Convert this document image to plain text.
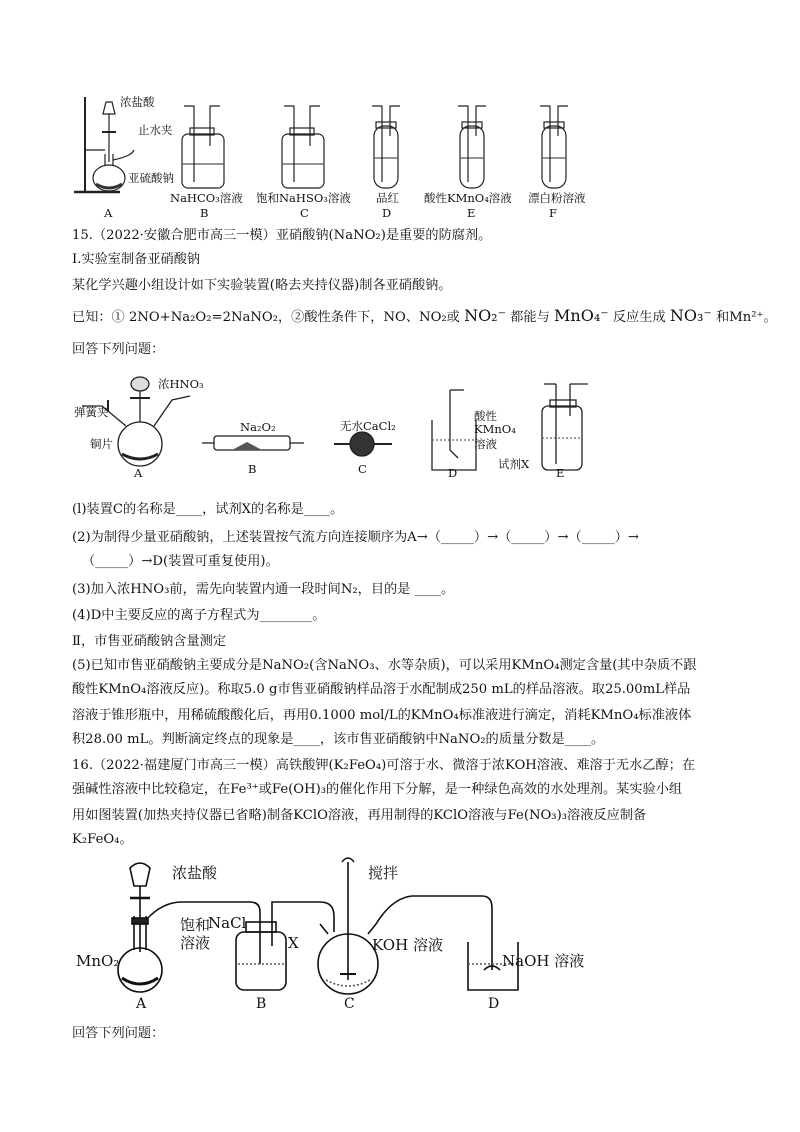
浓盐酸
止水夹
亚硫酸钠
NaHCO₃溶液 饱和NaHSO₃溶液 品红 酸性KMnO₄溶液 漂白粉溶液
A	B	C	D	E	F
15.（2022·安徽合肥市高三一模）亚硝酸钠(NaNO₂)是重要的防腐剂。
I.实验室制备亚硝酸钠
某化学兴趣小组设计如下实验装置(略去夹持仪器)制各亚硝酸钠。
已知：① 2NO+Na₂O₂=2NaNO₂，②酸性条件下，NO、NO₂或 NO₂⁻ 都能与 MnO₄⁻ 反应生成 NO₃⁻ 和Mn²⁺。
回答下列问题：
浓HNO₃
弹簧夹
铜片
Na₂O₂	无水CaCl₂
酸性
KMnO₄
溶液
试剂X
A	B	C	D	E
(l)装置C的名称是____，试剂X的名称是____。
(2)为制得少量亚硝酸钠，上述装置按气流方向连接顺序为A→（_____）→（_____）→（_____）→
（_____）→D(装置可重复使用)。
(3)加入浓HNO₃前，需先向装置内通一段时间N₂，目的是 ____。
(4)D中主要反应的离子方程式为________。
Ⅱ，市售亚硝酸钠含量测定
(5)已知市售亚硝酸钠主要成分是NaNO₂(含NaNO₃、水等杂质)，可以采用KMnO₄测定含量(其中杂质不跟
酸性KMnO₄溶液反应)。称取5.0 g市售亚硝酸钠样品溶于水配制成250 mL的样品溶液。取25.00mL样品
溶液于锥形瓶中，用稀硫酸酸化后，再用0.1000 mol/L的KMnO₄标准液进行滴定，消耗KMnO₄标准液体
积28.00 mL。判断滴定终点的现象是____，该市售亚硝酸钠中NaNO₂的质量分数是____。
16.（2022·福建厦门市高三一模）高铁酸钾(K₂FeO₄)可溶于水、微溶于浓KOH溶液、难溶于无水乙醇；在
强碱性溶液中比较稳定，在Fe³⁺或Fe(OH)₃的催化作用下分解，是一种绿色高效的水处理剂。某实验小组
用如图装置(加热夹持仪器已省略)制备KClO溶液，再用制得的KClO溶液与Fe(NO₃)₃溶液反应制备
K₂FeO₄。
浓盐酸	搅拌
饱和
NaCl
溶液
MnO₂
X	KOH 溶液
NaOH 溶液
A	B	C	D
回答下列问题：
